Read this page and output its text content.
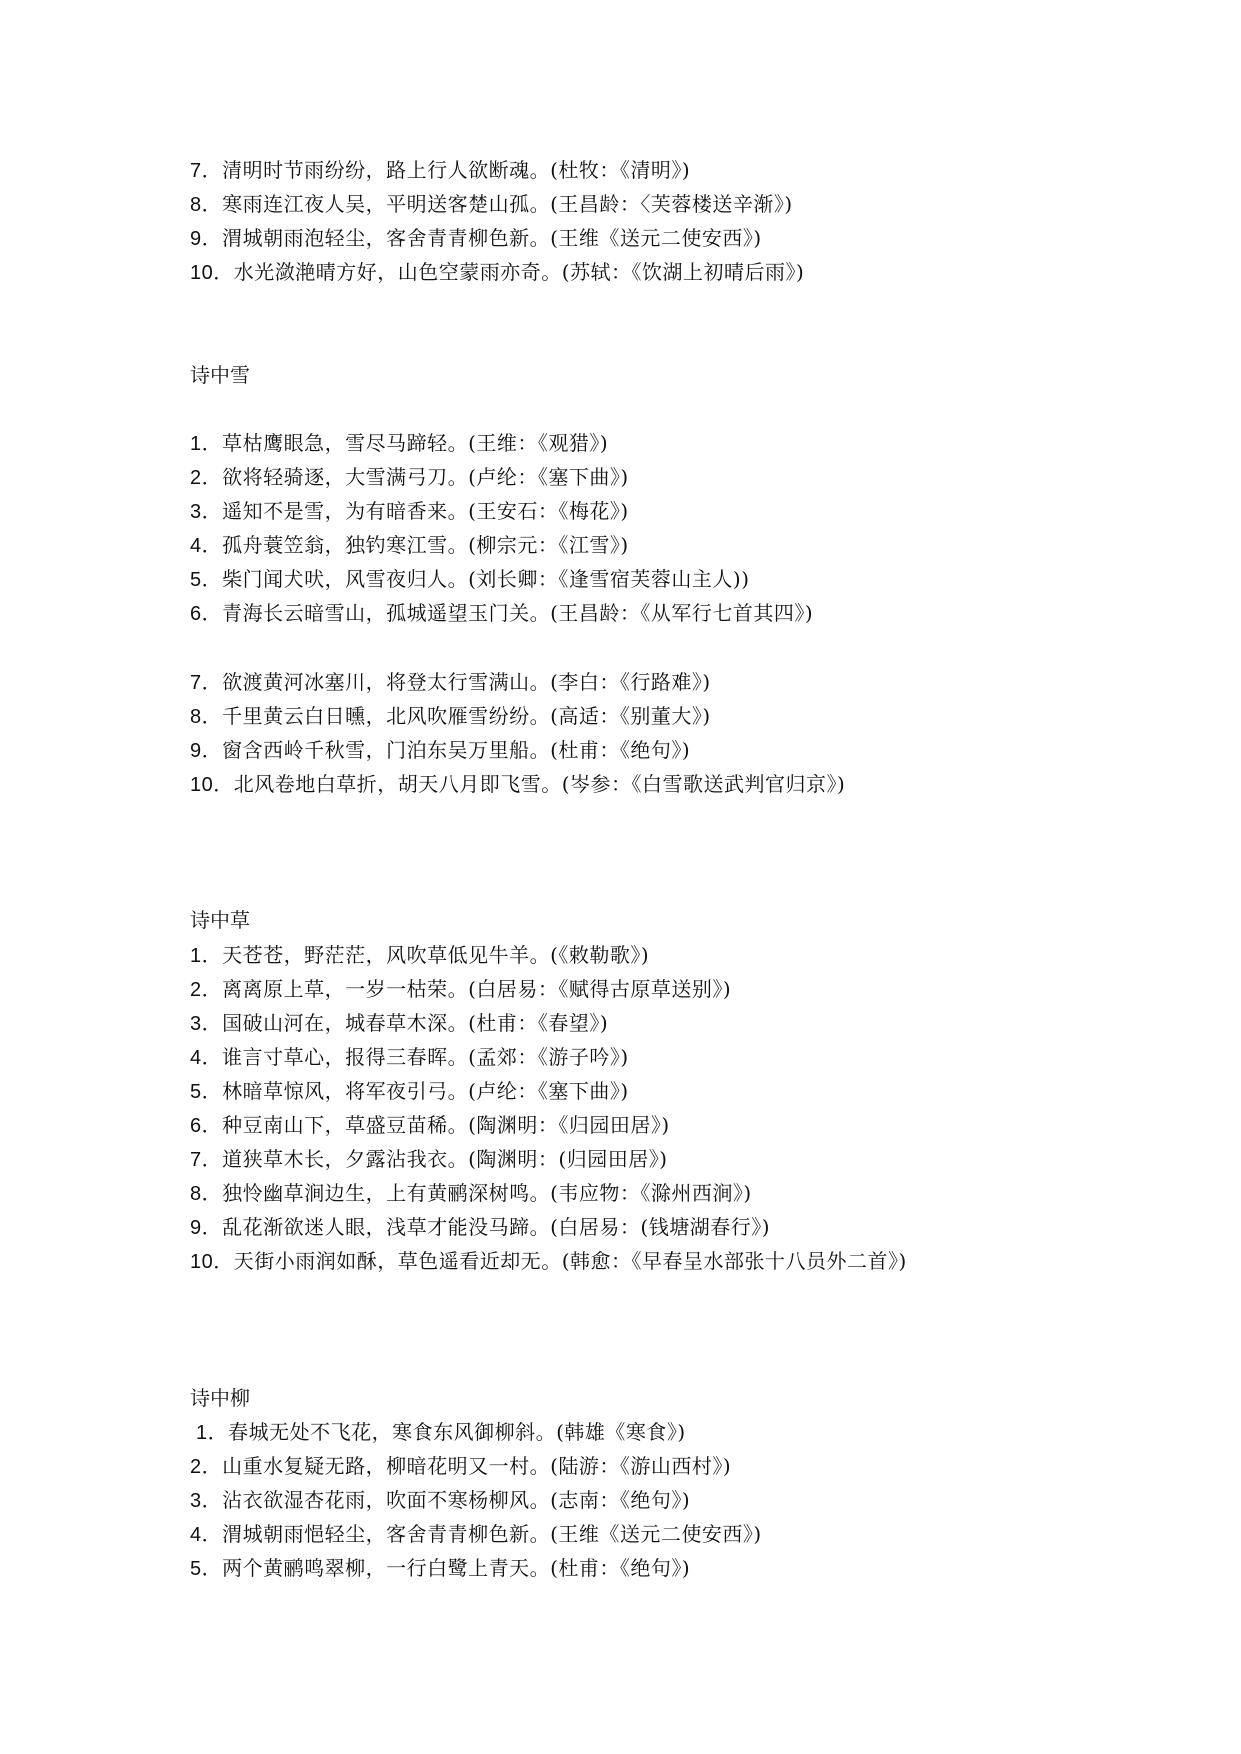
7．清明时节雨纷纷，路上行人欲断魂。(杜牧：《清明》)
8．寒雨连江夜人吴，平明送客楚山孤。(王昌龄：〈芙蓉楼送辛渐》)
9．渭城朝雨泡轻尘，客舍青青柳色新。(王维《送元二使安西》)
10．水光潋滟晴方好，山色空蒙雨亦奇。(苏轼：《饮湖上初晴后雨》)
诗中雪
1．草枯鹰眼急，雪尽马蹄轻。(王维：《观猎》)
2．欲将轻骑逐，大雪满弓刀。(卢纶：《塞下曲》)
3．遥知不是雪，为有暗香来。(王安石：《梅花》)
4．孤舟蓑笠翁，独钓寒江雪。(柳宗元：《江雪》)
5．柴门闻犬吠，风雪夜归人。(刘长卿：《逢雪宿芙蓉山主人))
6．青海长云暗雪山，孤城遥望玉门关。(王昌龄：《从军行七首其四》)
7．欲渡黄河冰塞川，将登太行雪满山。(李白：《行路难》)
8．千里黄云白日曛，北风吹雁雪纷纷。(高适：《别董大》)
9．窗含西岭千秋雪，门泊东吴万里船。(杜甫：《绝句》)
10．北风卷地白草折，胡天八月即飞雪。(岑参：《白雪歌送武判官归京》)
诗中草
1．天苍苍，野茫茫，风吹草低见牛羊。(《敕勒歌》)
2．离离原上草，一岁一枯荣。(白居易：《赋得古原草送别》)
3．国破山河在，城春草木深。(杜甫：《春望》)
4．谁言寸草心，报得三春晖。(孟郊：《游子吟》)
5．林暗草惊风，将军夜引弓。(卢纶：《塞下曲》)
6．种豆南山下，草盛豆苗稀。(陶渊明：《归园田居》)
7．道狭草木长，夕露沾我衣。(陶渊明：(归园田居》)
8．独怜幽草涧边生，上有黄鹂深树鸣。(韦应物：《滁州西涧》)
9．乱花渐欲迷人眼，浅草才能没马蹄。(白居易：(钱塘湖春行》)
10．天街小雨润如酥，草色遥看近却无。(韩愈：《早春呈水部张十八员外二首》)
诗中柳
1．春城无处不飞花，寒食东风御柳斜。(韩雄《寒食》)
2．山重水复疑无路，柳暗花明又一村。(陆游：《游山西村》)
3．沾衣欲湿杏花雨，吹面不寒杨柳风。(志南：《绝句》)
4．渭城朝雨悒轻尘，客舍青青柳色新。(王维《送元二使安西》)
5．两个黄鹂鸣翠柳，一行白鹭上青天。(杜甫：《绝句》)
